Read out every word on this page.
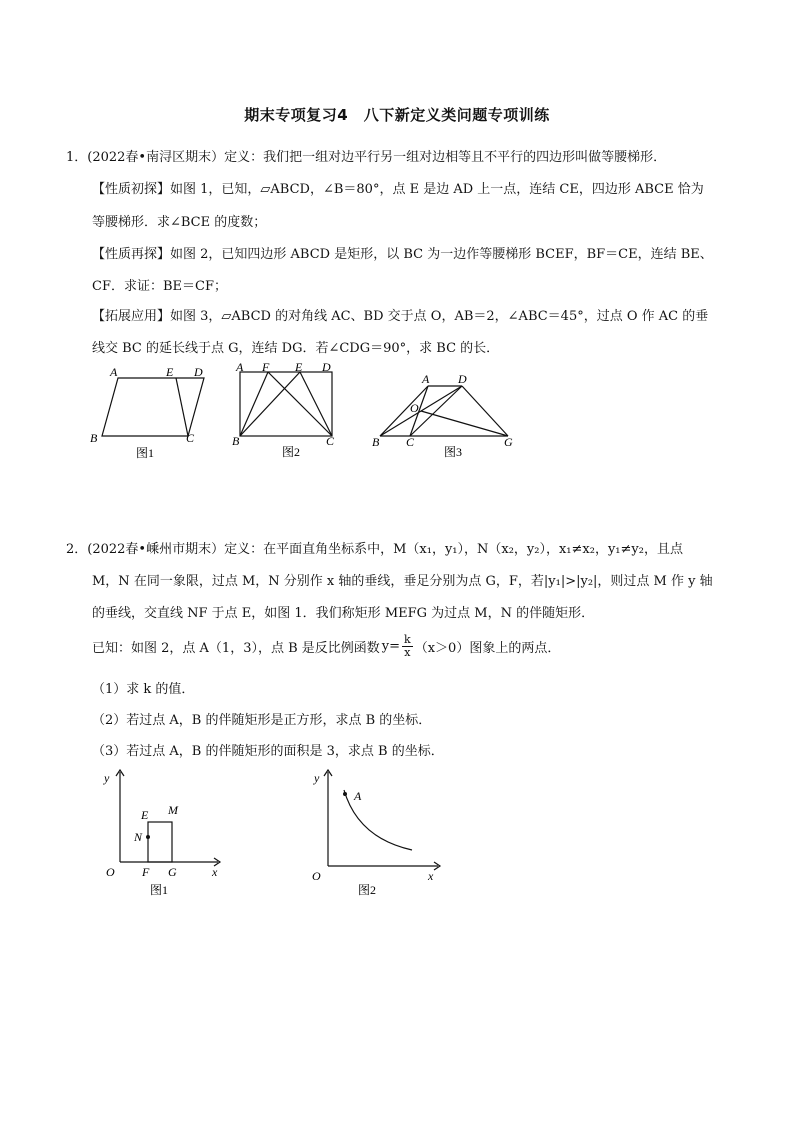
期末专项复习4　八下新定义类问题专项训练
1．(2022春•南浔区期末）定义：我们把一组对边平行另一组对边相等且不平行的四边形叫做等腰梯形．
【性质初探】如图 1，已知，▱ABCD，∠B＝80°，点 E 是边 AD 上一点，连结 CE，四边形 ABCE 恰为
等腰梯形．求∠BCE 的度数；
【性质再探】如图 2，已知四边形 ABCD 是矩形，以 BC 为一边作等腰梯形 BCEF，BF＝CE，连结 BE、
CF．求证：BE＝CF；
【拓展应用】如图 3，▱ABCD 的对角线 AC、BD 交于点 O，AB＝2，∠ABC＝45°，过点 O 作 AC 的垂
线交 BC 的延长线于点 G，连结 DG．若∠CDG＝90°，求 BC 的长．
A	E D
B	C
图1
A F E D
B	C
图2
A D
O
B C	G
图3
2．(2022春•嵊州市期末）定义：在平面直角坐标系中，M（x₁，y₁），N（x₂，y₂），x₁≠x₂，y₁≠y₂，且点
M，N 在同一象限，过点 M，N 分别作 x 轴的垂线，垂足分别为点 G，F，若|y₁|>|y₂|，则过点 M 作 y 轴
的垂线，交直线 NF 于点 E，如图 1．我们称矩形 MEFG 为过点 M，N 的伴随矩形．
已知：如图 2，点 A（1，3），点 B 是反比例函数 $y= \frac{k}{x} (x>0)$ 图象上的两点．
（1）求 k 的值．
（2）若过点 A，B 的伴随矩形是正方形，求点 B 的坐标．
（3）若过点 A，B 的伴随矩形的面积是 3，求点 B 的坐标．
y
x
O
E M
N
F G
图1
y
x
O
A
图2
